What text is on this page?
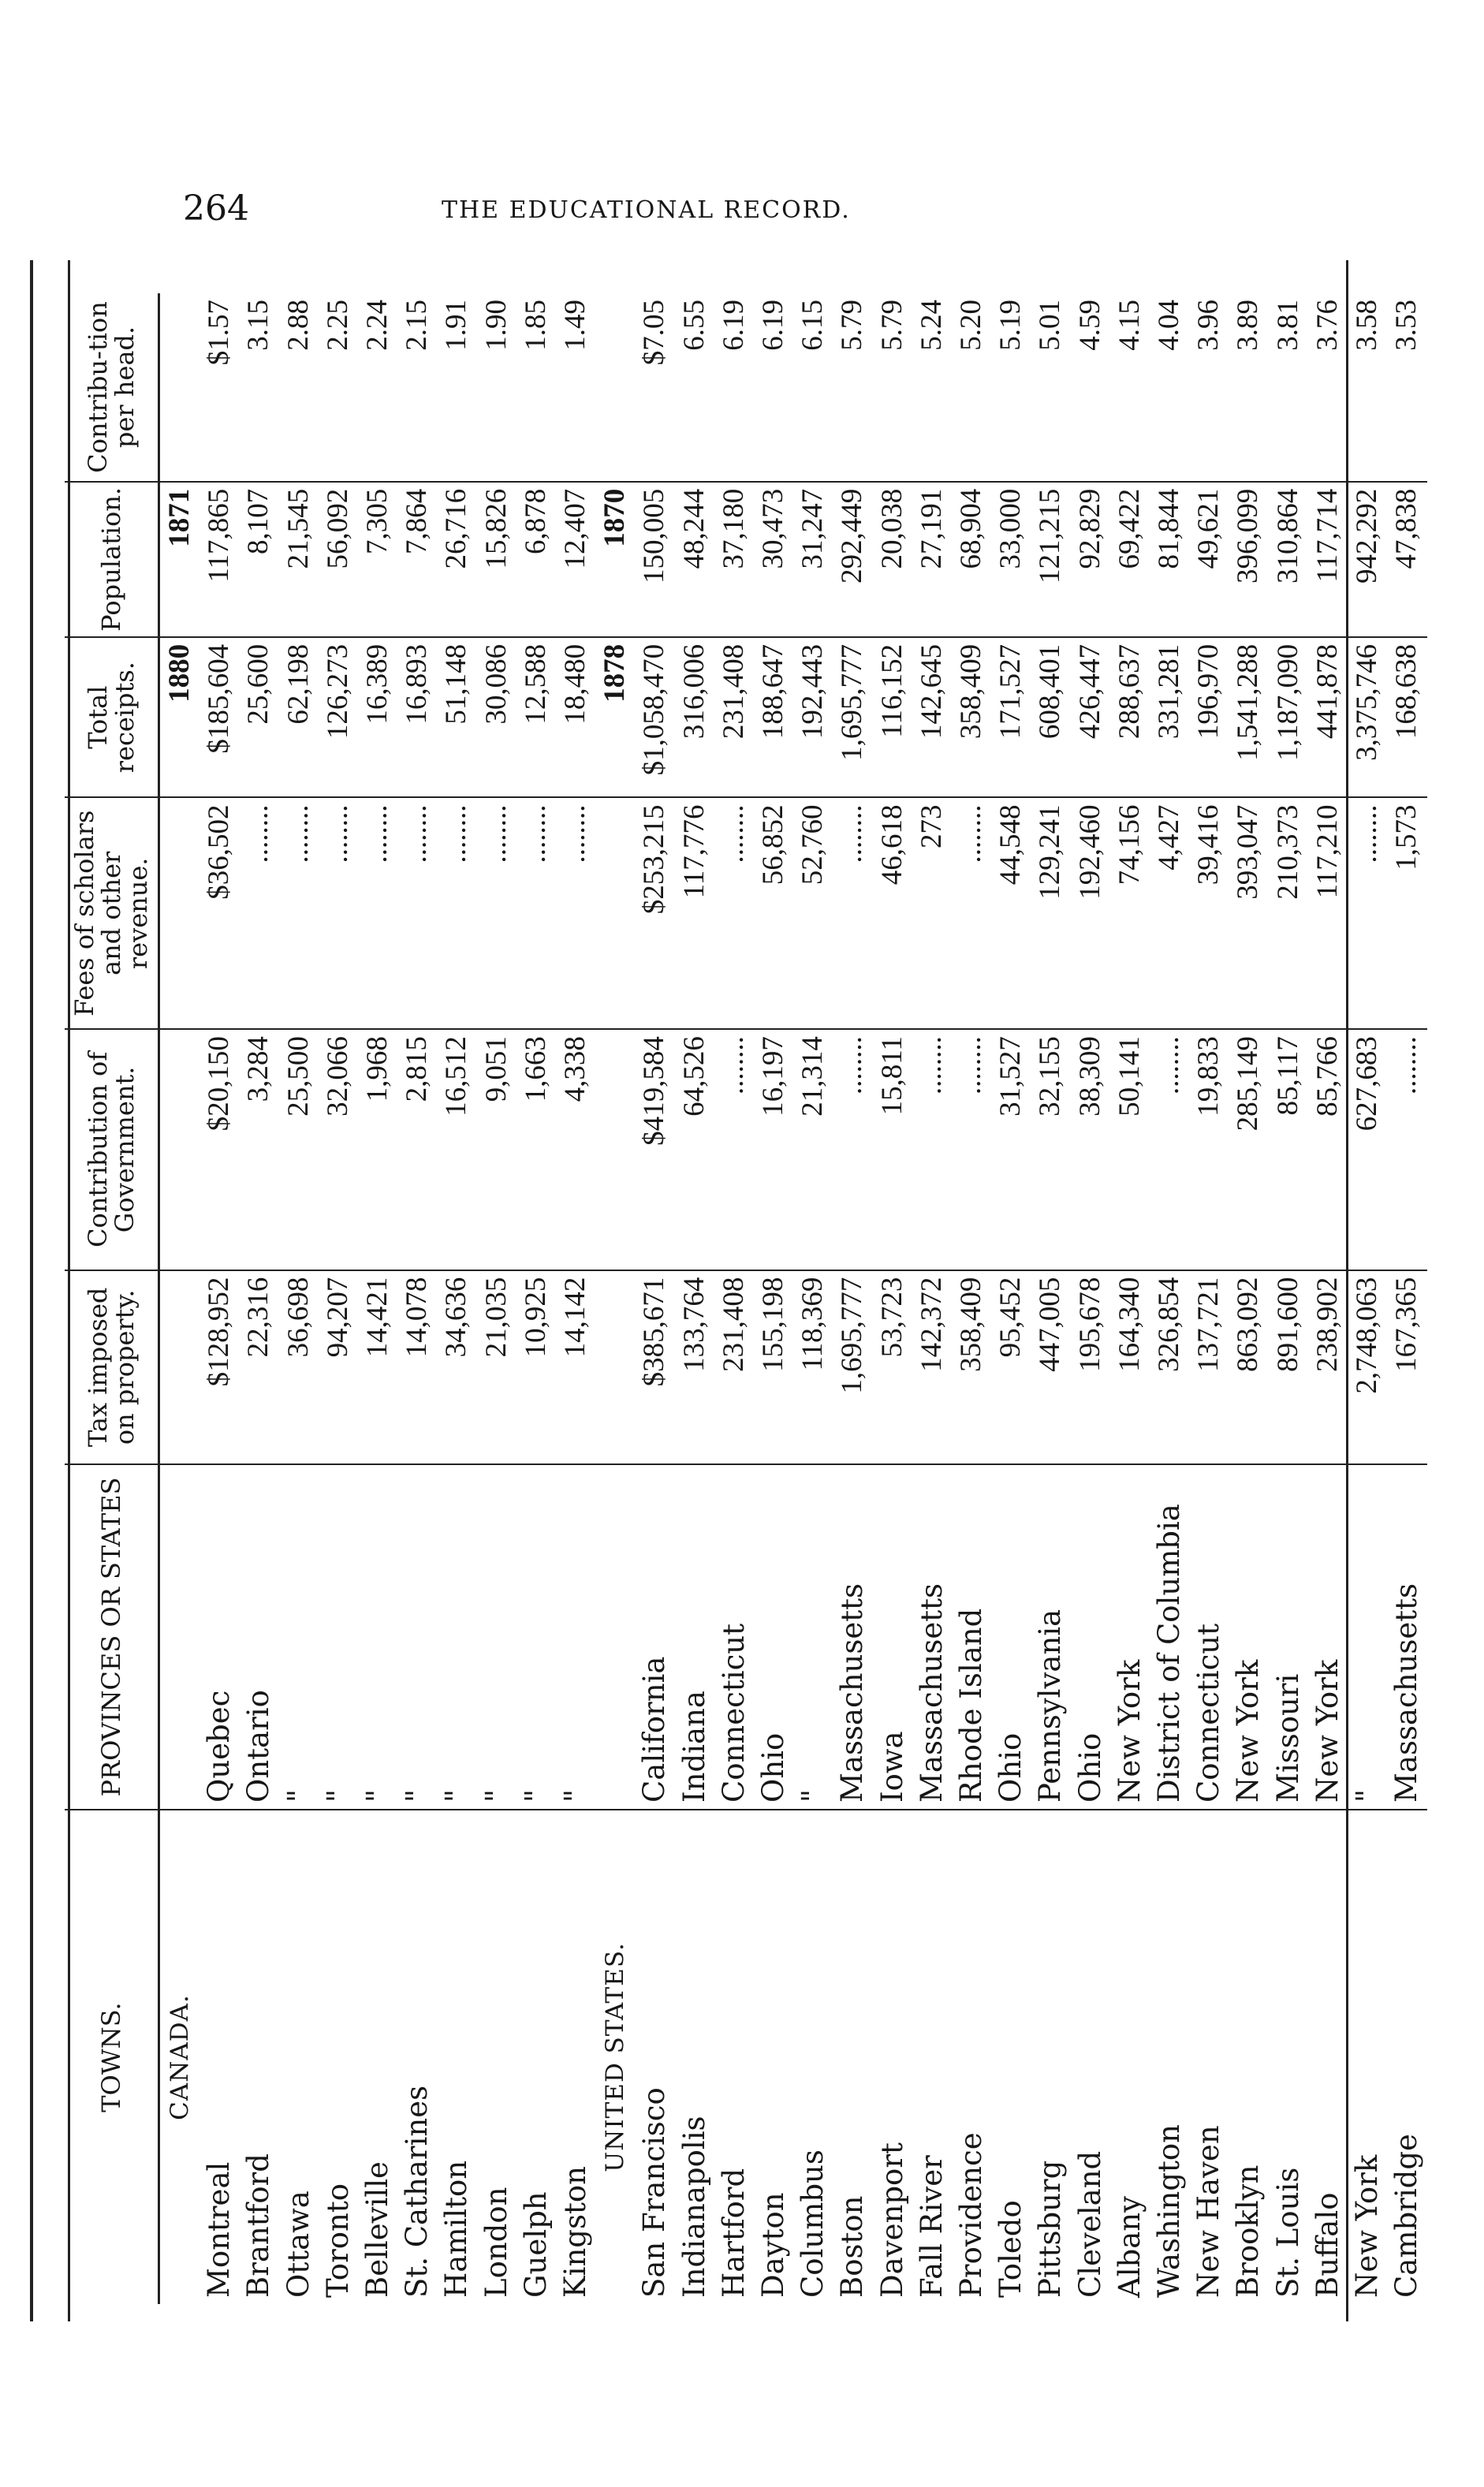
264	THE EDUCATIONAL RECORD.
TOWNS.	PROVINCES OR STATES	Tax imposed on property.	Contribution of Government.	Fees of scholars and other revenue.	Total receipts.	Population.	Contribu-tion per head.
CANADA.					1880	1871	
Montreal	Quebec	$128,952	$20,150	$36,502	$185,604	117,865	$1.57
Brantford	Ontario	22,316	3,284	........	25,600	8,107	3.15
Ottawa	"	36,698	25,500	........	62,198	21,545	2.88
Toronto	"	94,207	32,066	........	126,273	56,092	2.25
Belleville	"	14,421	1,968	........	16,389	7,305	2.24
St. Catharines	"	14,078	2,815	........	16,893	7,864	2.15
Hamilton	"	34,636	16,512	........	51,148	26,716	1.91
London	"	21,035	9,051	........	30,086	15,826	1.90
Guelph	"	10,925	1,663	........	12,588	6,878	1.85
Kingston	"	14,142	4,338	........	18,480	12,407	1.49
UNITED STATES.					1878	1870	
San Francisco	California	$385,671	$419,584	$253,215	$1,058,470	150,005	$7.05
Indianapolis	Indiana	133,764	64,526	117,776	316,006	48,244	6.55
Hartford	Connecticut	231,408	........	........	231,408	37,180	6.19
Dayton	Ohio	155,198	16,197	56,852	188,647	30,473	6.19
Columbus	"	118,369	21,314	52,760	192,443	31,247	6.15
Boston	Massachusetts	1,695,777	........	........	1,695,777	292,449	5.79
Davenport	Iowa	53,723	15,811	46,618	116,152	20,038	5.79
Fall River	Massachusetts	142,372	........	273	142,645	27,191	5.24
Providence	Rhode Island	358,409	........	........	358,409	68,904	5.20
Toledo	Ohio	95,452	31,527	44,548	171,527	33,000	5.19
Pittsburg	Pennsylvania	447,005	32,155	129,241	608,401	121,215	5.01
Cleveland	Ohio	195,678	38,309	192,460	426,447	92,829	4.59
Albany	New York	164,340	50,141	74,156	288,637	69,422	4.15
Washington	District of Columbia	326,854	........	4,427	331,281	81,844	4.04
New Haven	Connecticut	137,721	19,833	39,416	196,970	49,621	3.96
Brooklyn	New York	863,092	285,149	393,047	1,541,288	396,099	3.89
St. Louis	Missouri	891,600	85,117	210,373	1,187,090	310,864	3.81
Buffalo	New York	238,902	85,766	117,210	441,878	117,714	3.76
New York	"	2,748,063	627,683	........	3,375,746	942,292	3.58
Cambridge	Massachusetts	167,365	........	1,573	168,638	47,838	3.53
